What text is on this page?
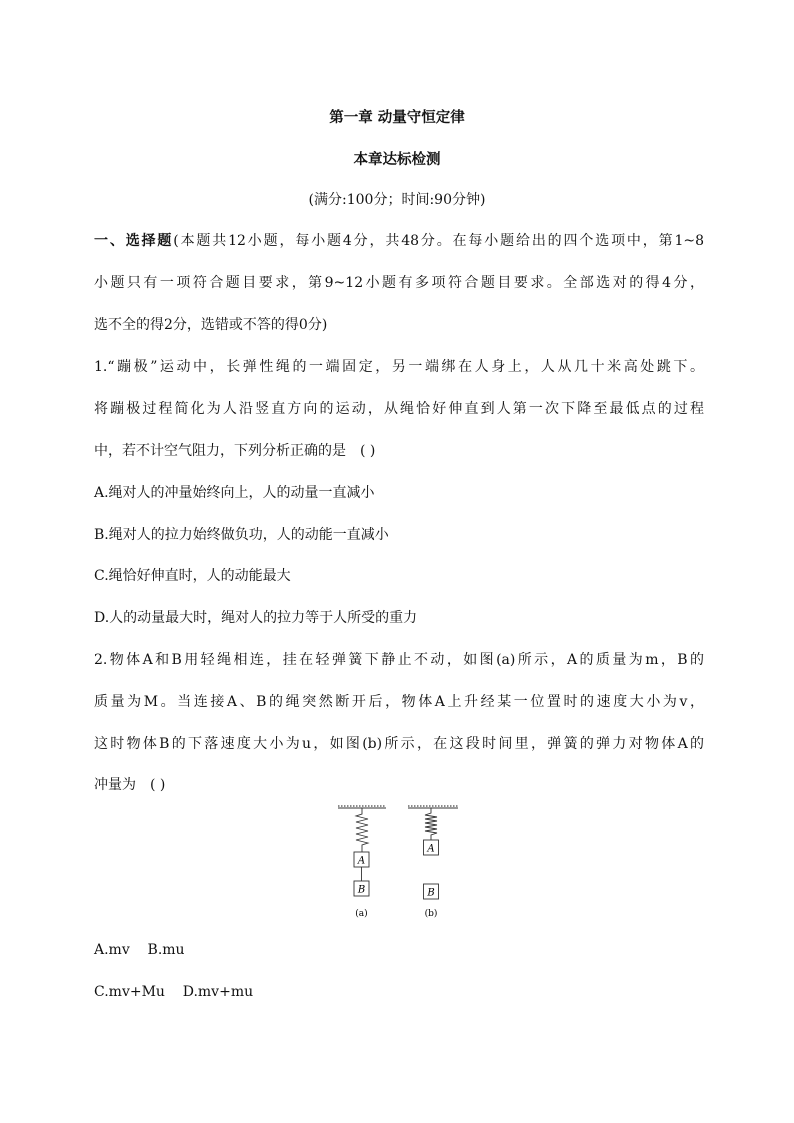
第一章 动量守恒定律
本章达标检测
(满分:100分；时间:90分钟)
一、选择题(本题共12小题，每小题4分，共48分。在每小题给出的四个选项中，第1~8
小题只有一项符合题目要求，第9~12小题有多项符合题目要求。全部选对的得4分，
选不全的得2分，选错或不答的得0分)
1.“蹦极”运动中，长弹性绳的一端固定，另一端绑在人身上，人从几十米高处跳下。
将蹦极过程简化为人沿竖直方向的运动，从绳恰好伸直到人第一次下降至最低点的过程
中，若不计空气阻力，下列分析正确的是 ( )
A.绳对人的冲量始终向上，人的动量一直减小
B.绳对人的拉力始终做负功，人的动能一直减小
C.绳恰好伸直时，人的动能最大
D.人的动量最大时，绳对人的拉力等于人所受的重力
2.物体A和B用轻绳相连，挂在轻弹簧下静止不动，如图(a)所示，A的质量为m，B的
质量为M。当连接A、B的绳突然断开后，物体A上升经某一位置时的速度大小为v，
这时物体B的下落速度大小为u，如图(b)所示，在这段时间里，弹簧的弹力对物体A的
冲量为 ( )
A
B
(a)
A
B
(b)
A.mv    B.mu
C.mv+Mu    D.mv+mu
